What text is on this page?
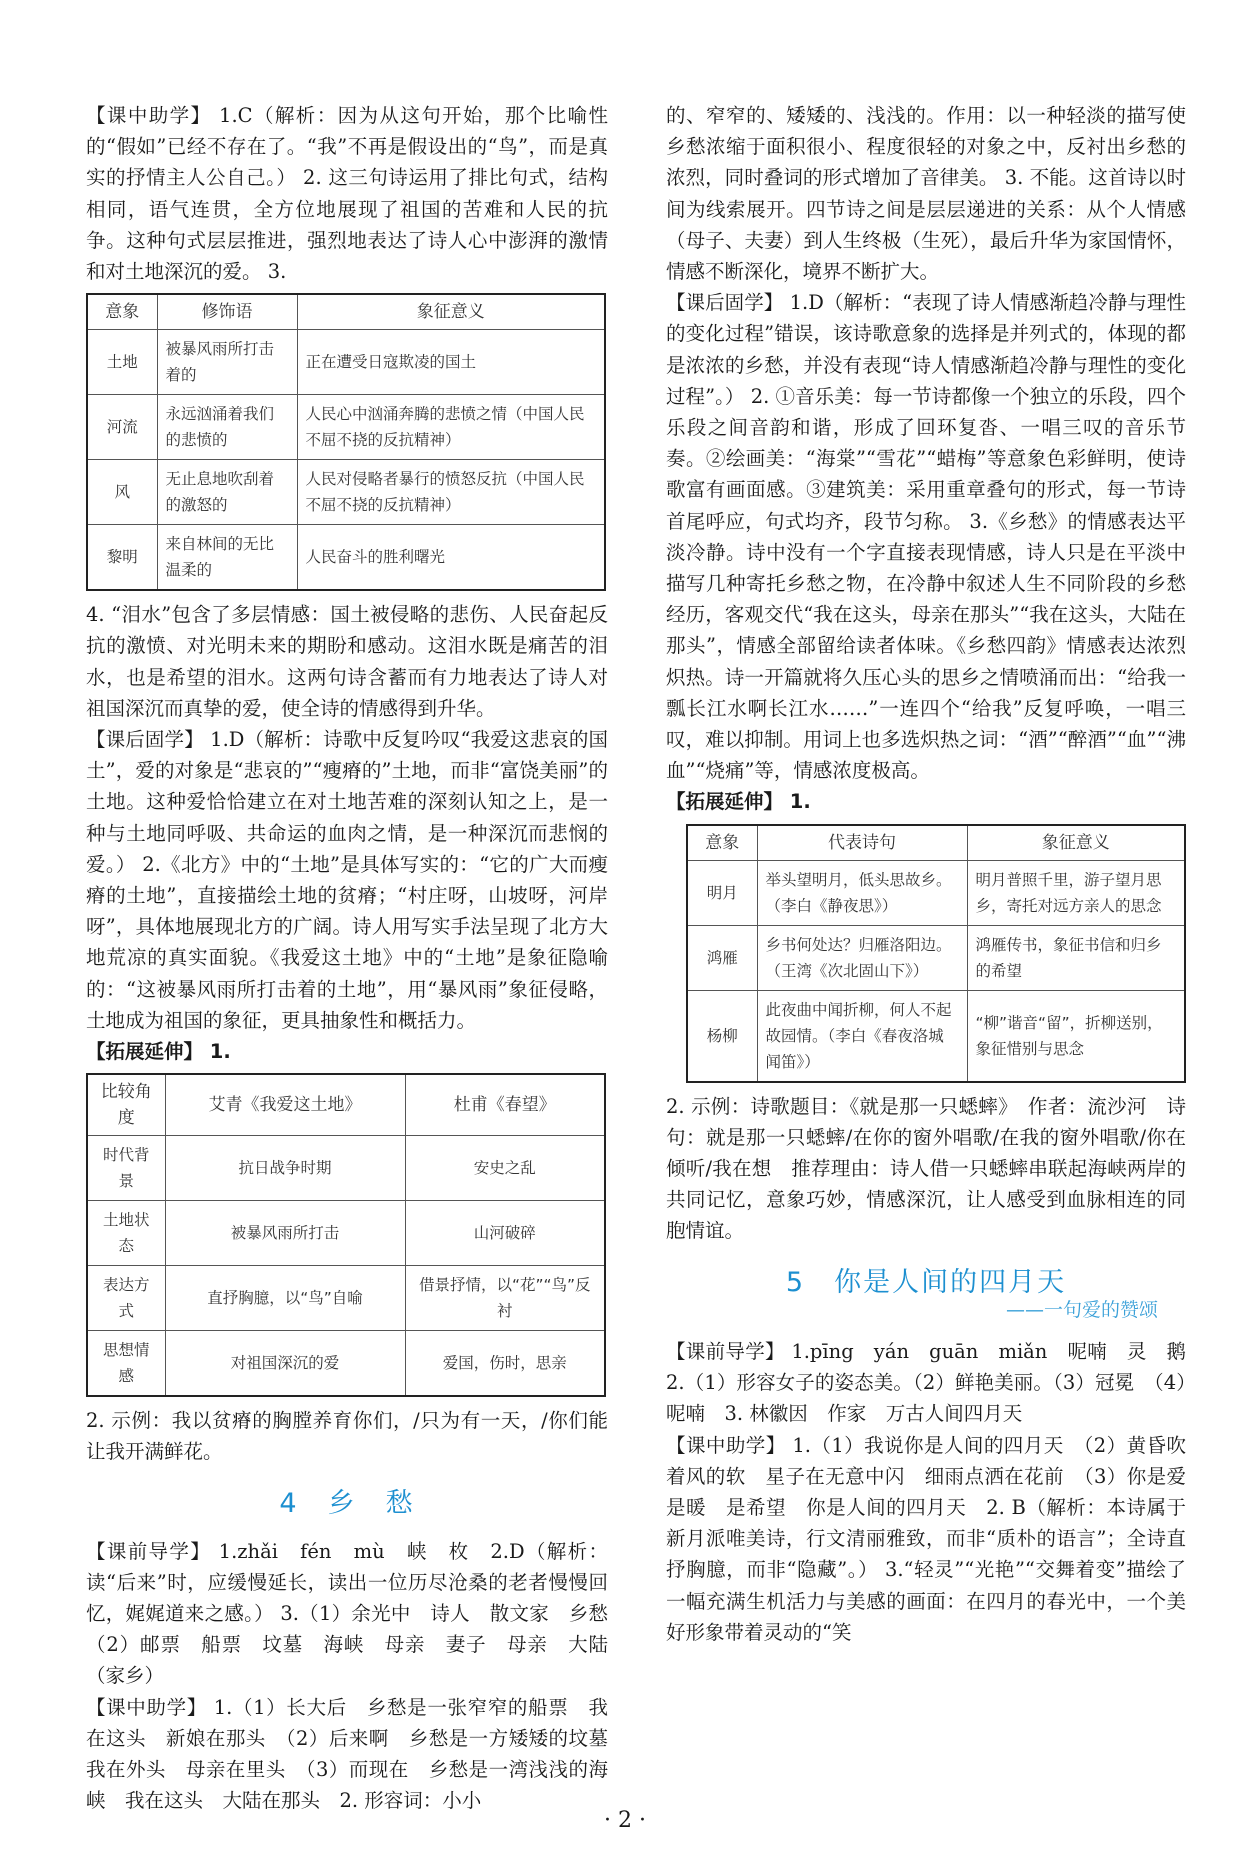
【课中助学】 1.C（解析：因为从这句开始，那个比喻性的“假如”已经不存在了。“我”不再是假设出的“鸟”，而是真实的抒情主人公自己。） 2. 这三句诗运用了排比句式，结构相同，语气连贯，全方位地展现了祖国的苦难和人民的抗争。这种句式层层推进，强烈地表达了诗人心中澎湃的激情和对土地深沉的爱。 3.

意象	修饰语	象征意义
土地	被暴风雨所打击着的	正在遭受日寇欺凌的国土
河流	永远汹涌着我们的悲愤的	人民心中汹涌奔腾的悲愤之情（中国人民不屈不挠的反抗精神）
风	无止息地吹刮着的激怒的	人民对侵略者暴行的愤怒反抗（中国人民不屈不挠的反抗精神）
黎明	来自林间的无比温柔的	人民奋斗的胜利曙光

4. “泪水”包含了多层情感：国土被侵略的悲伤、人民奋起反抗的激愤、对光明未来的期盼和感动。这泪水既是痛苦的泪水，也是希望的泪水。这两句诗含蓄而有力地表达了诗人对祖国深沉而真挚的爱，使全诗的情感得到升华。

【课后固学】 1.D（解析：诗歌中反复吟叹“我爱这悲哀的国土”，爱的对象是“悲哀的”“瘦瘠的”土地，而非“富饶美丽”的土地。这种爱恰恰建立在对土地苦难的深刻认知之上，是一种与土地同呼吸、共命运的血肉之情，是一种深沉而悲悯的爱。） 2.《北方》中的“土地”是具体写实的：“它的广大而瘦瘠的土地”，直接描绘土地的贫瘠；“村庄呀，山坡呀，河岸呀”，具体地展现北方的广阔。诗人用写实手法呈现了北方大地荒凉的真实面貌。《我爱这土地》中的“土地”是象征隐喻的：“这被暴风雨所打击着的土地”，用“暴风雨”象征侵略，土地成为祖国的象征，更具抽象性和概括力。

【拓展延伸】 1.

比较角度	艾青《我爱这土地》	杜甫《春望》
时代背景	抗日战争时期	安史之乱
土地状态	被暴风雨所打击	山河破碎
表达方式	直抒胸臆，以“鸟”自喻	借景抒情，以“花”“鸟”反衬
思想情感	对祖国深沉的爱	爱国，伤时，思亲

2. 示例：我以贫瘠的胸膛养育你们，/只为有一天，/你们能让我开满鲜花。

4　乡　愁

【课前导学】 1.zhǎi　fén　mù　峡　枚　2.D（解析：读“后来”时，应缓慢延长，读出一位历尽沧桑的老者慢慢回忆，娓娓道来之感。） 3.（1）余光中　诗人　散文家　乡愁　（2）邮票　船票　坟墓　海峡　母亲　妻子　母亲　大陆（家乡）

【课中助学】 1.（1）长大后　乡愁是一张窄窄的船票　我在这头　新娘在那头　（2）后来啊　乡愁是一方矮矮的坟墓　我在外头　母亲在里头　（3）而现在　乡愁是一湾浅浅的海峡　我在这头　大陆在那头　2. 形容词：小小

的、窄窄的、矮矮的、浅浅的。作用：以一种轻淡的描写使乡愁浓缩于面积很小、程度很轻的对象之中，反衬出乡愁的浓烈，同时叠词的形式增加了音律美。 3. 不能。这首诗以时间为线索展开。四节诗之间是层层递进的关系：从个人情感（母子、夫妻）到人生终极（生死），最后升华为家国情怀，情感不断深化，境界不断扩大。

【课后固学】 1.D（解析：“表现了诗人情感渐趋冷静与理性的变化过程”错误，该诗歌意象的选择是并列式的，体现的都是浓浓的乡愁，并没有表现“诗人情感渐趋冷静与理性的变化过程”。） 2. ①音乐美：每一节诗都像一个独立的乐段，四个乐段之间音韵和谐，形成了回环复沓、一唱三叹的音乐节奏。②绘画美：“海棠”“雪花”“蜡梅”等意象色彩鲜明，使诗歌富有画面感。③建筑美：采用重章叠句的形式，每一节诗首尾呼应，句式均齐，段节匀称。 3.《乡愁》的情感表达平淡冷静。诗中没有一个字直接表现情感，诗人只是在平淡中描写几种寄托乡愁之物，在冷静中叙述人生不同阶段的乡愁经历，客观交代“我在这头，母亲在那头”“我在这头，大陆在那头”，情感全部留给读者体味。《乡愁四韵》情感表达浓烈炽热。诗一开篇就将久压心头的思乡之情喷涌而出：“给我一瓢长江水啊长江水……”一连四个“给我”反复呼唤，一唱三叹，难以抑制。用词上也多选炽热之词：“酒”“醉酒”“血”“沸血”“烧痛”等，情感浓度极高。

【拓展延伸】 1.

意象	代表诗句	象征意义
明月	举头望明月，低头思故乡。（李白《静夜思》）	明月普照千里，游子望月思乡，寄托对远方亲人的思念
鸿雁	乡书何处达？归雁洛阳边。（王湾《次北固山下》）	鸿雁传书，象征书信和归乡的希望
杨柳	此夜曲中闻折柳，何人不起故园情。（李白《春夜洛城闻笛》）	“柳”谐音“留”，折柳送别，象征惜别与思念

2. 示例：诗歌题目：《就是那一只蟋蟀》　作者：流沙河　诗句：就是那一只蟋蟀/在你的窗外唱歌/在我的窗外唱歌/你在倾听/我在想　推荐理由：诗人借一只蟋蟀串联起海峡两岸的共同记忆，意象巧妙，情感深沉，让人感受到血脉相连的同胞情谊。

5　你是人间的四月天
——一句爱的赞颂

【课前导学】 1.pīng　yán　guān　miǎn　呢喃　灵　鹅　2.（1）形容女子的姿态美。（2）鲜艳美丽。（3）冠冕　（4）呢喃　3. 林徽因　作家　万古人间四月天

【课中助学】 1.（1）我说你是人间的四月天　（2）黄昏吹着风的软　星子在无意中闪　细雨点洒在花前　（3）你是爱　是暖　是希望　你是人间的四月天　2. B（解析：本诗属于新月派唯美诗，行文清丽雅致，而非“质朴的语言”；全诗直抒胸臆，而非“隐藏”。） 3.“轻灵”“光艳”“交舞着变”描绘了一幅充满生机活力与美感的画面：在四月的春光中，一个美好形象带着灵动的“笑

· 2 ·
